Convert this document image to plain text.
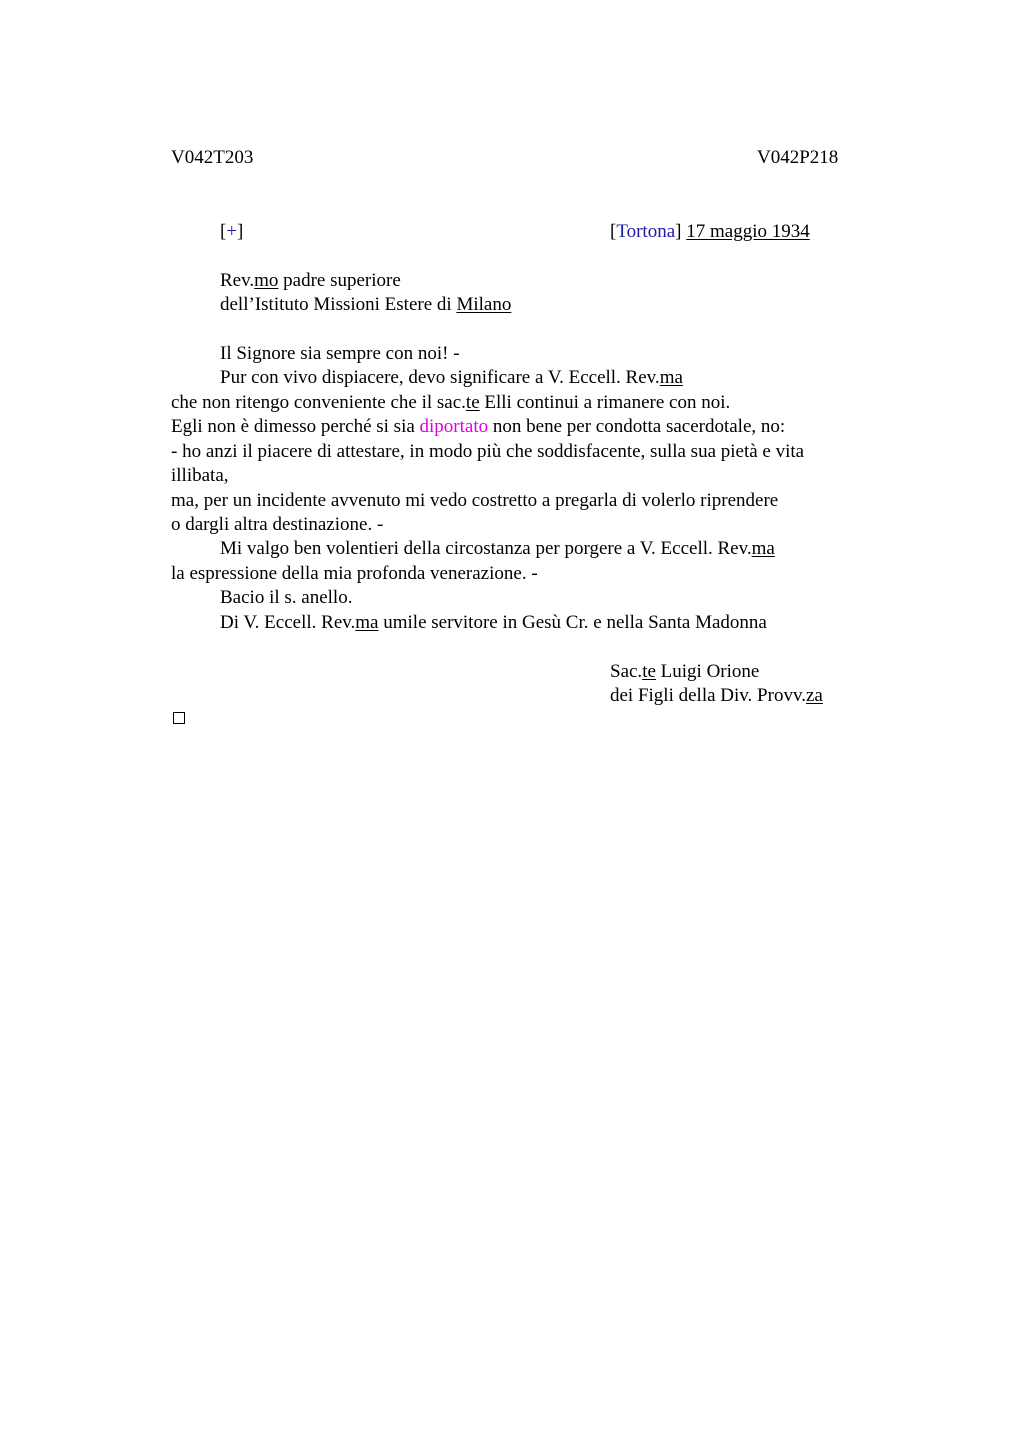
V042T203	V042P218
[+]	[Tortona] 17 maggio 1934
Rev.mo padre superiore
dell’Istituto Missioni Estere di Milano
Il Signore sia sempre con noi! -
Pur con vivo dispiacere, devo significare a V. Eccell. Rev.ma
che non ritengo conveniente che il sac.te Elli continui a rimanere con noi.
Egli non è dimesso perché si sia diportato non bene per condotta sacerdotale, no:
- ho anzi il piacere di attestare, in modo più che soddisfacente, sulla sua pietà e vita
illibata,
ma, per un incidente avvenuto mi vedo costretto a pregarla di volerlo riprendere
o dargli altra destinazione. -
Mi valgo ben volentieri della circostanza per porgere a V. Eccell. Rev.ma
la espressione della mia profonda venerazione. -
Bacio il s. anello.
Di V. Eccell. Rev.ma umile servitore in Gesù Cr. e nella Santa Madonna
Sac.te Luigi Orione
dei Figli della Div. Provv.za
